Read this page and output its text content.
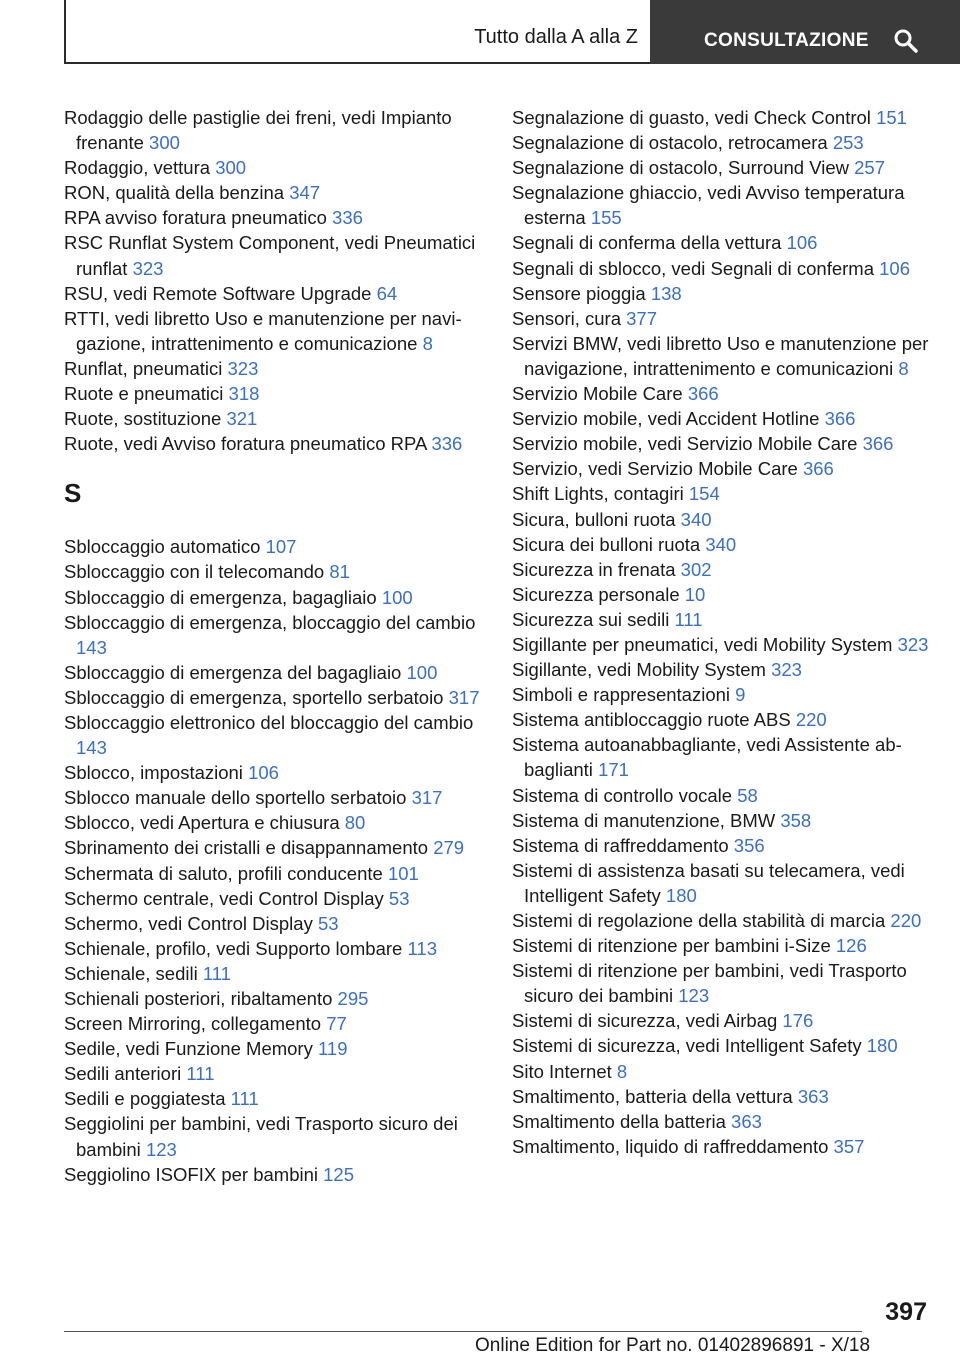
Tutto dalla A alla Z	CONSULTAZIONE
Rodaggio delle pastiglie dei freni, vedi Impianto frenante 300
Rodaggio, vettura 300
RON, qualità della benzina 347
RPA avviso foratura pneumatico 336
RSC Runflat System Component, vedi Pneumatici runflat 323
RSU, vedi Remote Software Upgrade 64
RTTI, vedi libretto Uso e manutenzione per navigazione, intrattenimento e comunicazione 8
Runflat, pneumatici 323
Ruote e pneumatici 318
Ruote, sostituzione 321
Ruote, vedi Avviso foratura pneumatico RPA 336
S
Sbloccaggio automatico 107
Sbloccaggio con il telecomando 81
Sbloccaggio di emergenza, bagagliaio 100
Sbloccaggio di emergenza, bloccaggio del cambio 143
Sbloccaggio di emergenza del bagagliaio 100
Sbloccaggio di emergenza, sportello serbatoio 317
Sbloccaggio elettronico del bloccaggio del cambio 143
Sblocco, impostazioni 106
Sblocco manuale dello sportello serbatoio 317
Sblocco, vedi Apertura e chiusura 80
Sbrinamento dei cristalli e disappannamento 279
Schermata di saluto, profili conducente 101
Schermo centrale, vedi Control Display 53
Schermo, vedi Control Display 53
Schienale, profilo, vedi Supporto lombare 113
Schienale, sedili 111
Schienali posteriori, ribaltamento 295
Screen Mirroring, collegamento 77
Sedile, vedi Funzione Memory 119
Sedili anteriori 111
Sedili e poggiatesta 111
Seggiolini per bambini, vedi Trasporto sicuro dei bambini 123
Seggiolino ISOFIX per bambini 125
Segnalazione di guasto, vedi Check Control 151
Segnalazione di ostacolo, retrocamera 253
Segnalazione di ostacolo, Surround View 257
Segnalazione ghiaccio, vedi Avviso temperatura esterna 155
Segnali di conferma della vettura 106
Segnali di sblocco, vedi Segnali di conferma 106
Sensore pioggia 138
Sensori, cura 377
Servizi BMW, vedi libretto Uso e manutenzione per navigazione, intrattenimento e comunicazioni 8
Servizio Mobile Care 366
Servizio mobile, vedi Accident Hotline 366
Servizio mobile, vedi Servizio Mobile Care 366
Servizio, vedi Servizio Mobile Care 366
Shift Lights, contagiri 154
Sicura, bulloni ruota 340
Sicura dei bulloni ruota 340
Sicurezza in frenata 302
Sicurezza personale 10
Sicurezza sui sedili 111
Sigillante per pneumatici, vedi Mobility System 323
Sigillante, vedi Mobility System 323
Simboli e rappresentazioni 9
Sistema antibloccaggio ruote ABS 220
Sistema autoanabbagliante, vedi Assistente abbaglianti 171
Sistema di controllo vocale 58
Sistema di manutenzione, BMW 358
Sistema di raffreddamento 356
Sistemi di assistenza basati su telecamera, vedi Intelligent Safety 180
Sistemi di regolazione della stabilità di marcia 220
Sistemi di ritenzione per bambini i-Size 126
Sistemi di ritenzione per bambini, vedi Trasporto sicuro dei bambini 123
Sistemi di sicurezza, vedi Airbag 176
Sistemi di sicurezza, vedi Intelligent Safety 180
Sito Internet 8
Smaltimento, batteria della vettura 363
Smaltimento della batteria 363
Smaltimento, liquido di raffreddamento 357
397
Online Edition for Part no. 01402896891 - X/18
